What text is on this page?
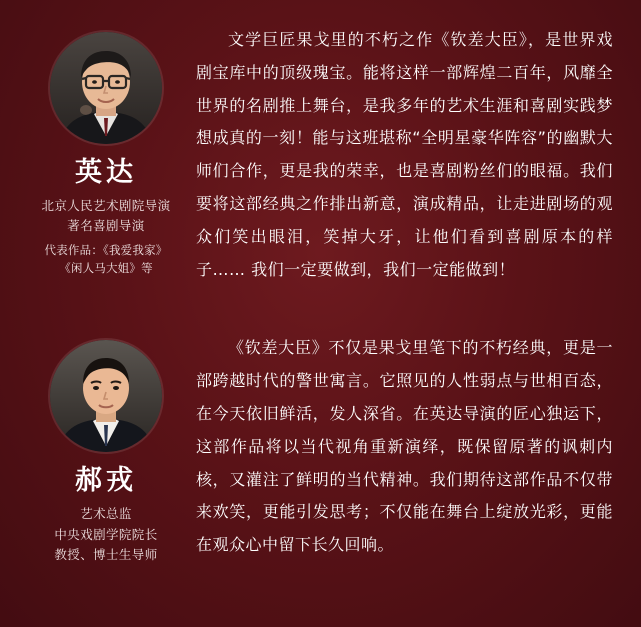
英达
北京人民艺术剧院导演
著名喜剧导演
代表作品：《我爱我家》
《闲人马大姐》等

文学巨匠果戈里的不朽之作《钦差大臣》，是世界戏剧宝库中的顶级瑰宝。能将这样一部辉煌二百年，风靡全世界的名剧推上舞台，是我多年的艺术生涯和喜剧实践梦想成真的一刻！能与这班堪称“全明星豪华阵容”的幽默大师们合作，更是我的荣幸，也是喜剧粉丝们的眼福。我们要将这部经典之作排出新意，演成精品，让走进剧场的观众们笑出眼泪，笑掉大牙，让他们看到喜剧原本的样子…… 我们一定要做到，我们一定能做到！

郝戎
艺术总监
中央戏剧学院院长
教授、博士生导师

《钦差大臣》不仅是果戈里笔下的不朽经典，更是一部跨越时代的警世寓言。它照见的人性弱点与世相百态，在今天依旧鲜活，发人深省。在英达导演的匠心独运下，这部作品将以当代视角重新演绎，既保留原著的讽刺内核，又灌注了鲜明的当代精神。我们期待这部作品不仅带来欢笑，更能引发思考；不仅能在舞台上绽放光彩，更能在观众心中留下长久回响。
